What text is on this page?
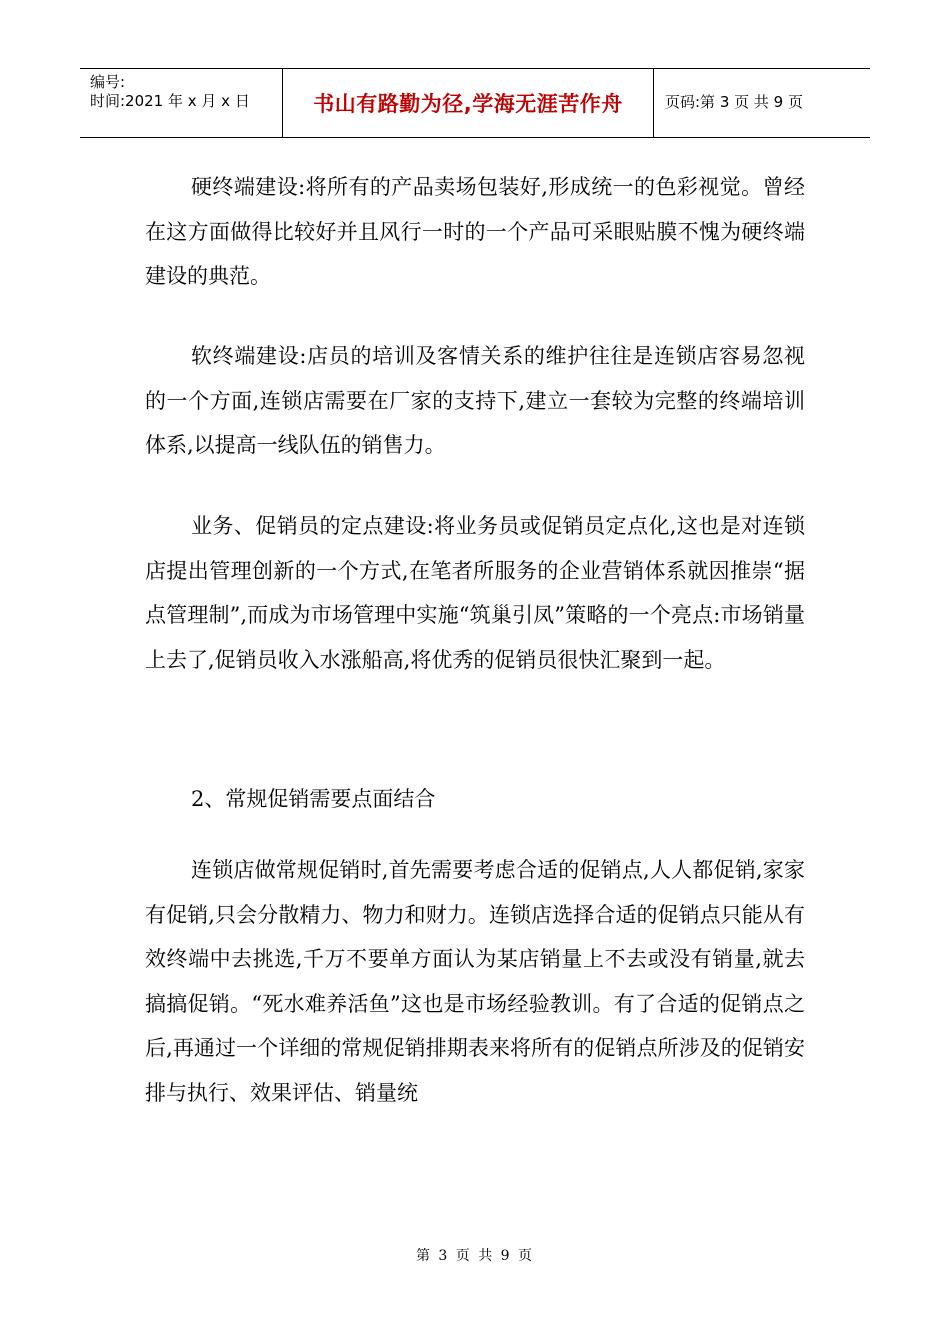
编号:
时间:2021 年 x 月 x 日	书山有路勤为径,学海无涯苦作舟	页码:第 3 页 共 9 页

硬终端建设:将所有的产品卖场包装好,形成统一的色彩视觉。曾经在这方面做得比较好并且风行一时的一个产品可采眼贴膜不愧为硬终端建设的典范。

软终端建设:店员的培训及客情关系的维护往往是连锁店容易忽视的一个方面,连锁店需要在厂家的支持下,建立一套较为完整的终端培训体系,以提高一线队伍的销售力。

业务、促销员的定点建设:将业务员或促销员定点化,这也是对连锁店提出管理创新的一个方式,在笔者所服务的企业营销体系就因推崇“据点管理制”,而成为市场管理中实施“筑巢引凤”策略的一个亮点:市场销量上去了,促销员收入水涨船高,将优秀的促销员很快汇聚到一起。

2、常规促销需要点面结合

连锁店做常规促销时,首先需要考虑合适的促销点,人人都促销,家家有促销,只会分散精力、物力和财力。连锁店选择合适的促销点只能从有效终端中去挑选,千万不要单方面认为某店销量上不去或没有销量,就去搞搞促销。“死水难养活鱼”这也是市场经验教训。有了合适的促销点之后,再通过一个详细的常规促销排期表来将所有的促销点所涉及的促销安排与执行、效果评估、销量统

第 3 页 共 9 页
